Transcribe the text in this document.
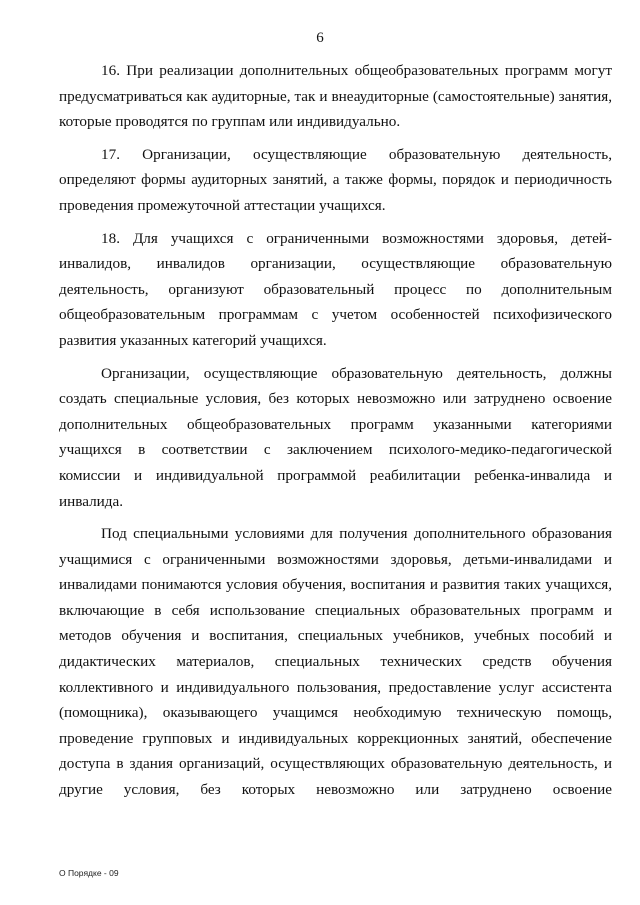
6

16. При реализации дополнительных общеобразовательных программ могут предусматриваться как аудиторные, так и внеаудиторные (самостоятельные) занятия, которые проводятся по группам или индивидуально.

17. Организации, осуществляющие образовательную деятельность, определяют формы аудиторных занятий, а также формы, порядок и периодичность проведения промежуточной аттестации учащихся.

18. Для учащихся с ограниченными возможностями здоровья, детей-инвалидов, инвалидов организации, осуществляющие образовательную деятельность, организуют образовательный процесс по дополнительным общеобразовательным программам с учетом особенностей психофизического развития указанных категорий учащихся.

Организации, осуществляющие образовательную деятельность, должны создать специальные условия, без которых невозможно или затруднено освоение дополнительных общеобразовательных программ указанными категориями учащихся в соответствии с заключением психолого-медико-педагогической комиссии и индивидуальной программой реабилитации ребенка-инвалида и инвалида.

Под специальными условиями для получения дополнительного образования учащимися с ограниченными возможностями здоровья, детьми-инвалидами и инвалидами понимаются условия обучения, воспитания и развития таких учащихся, включающие в себя использование специальных образовательных программ и методов обучения и воспитания, специальных учебников, учебных пособий и дидактических материалов, специальных технических средств обучения коллективного и индивидуального пользования, предоставление услуг ассистента (помощника), оказывающего учащимся необходимую техническую помощь, проведение групповых и индивидуальных коррекционных занятий, обеспечение доступа в здания организаций, осуществляющих образовательную деятельность, и другие условия, без которых невозможно или затруднено освоение

О Порядке - 09
